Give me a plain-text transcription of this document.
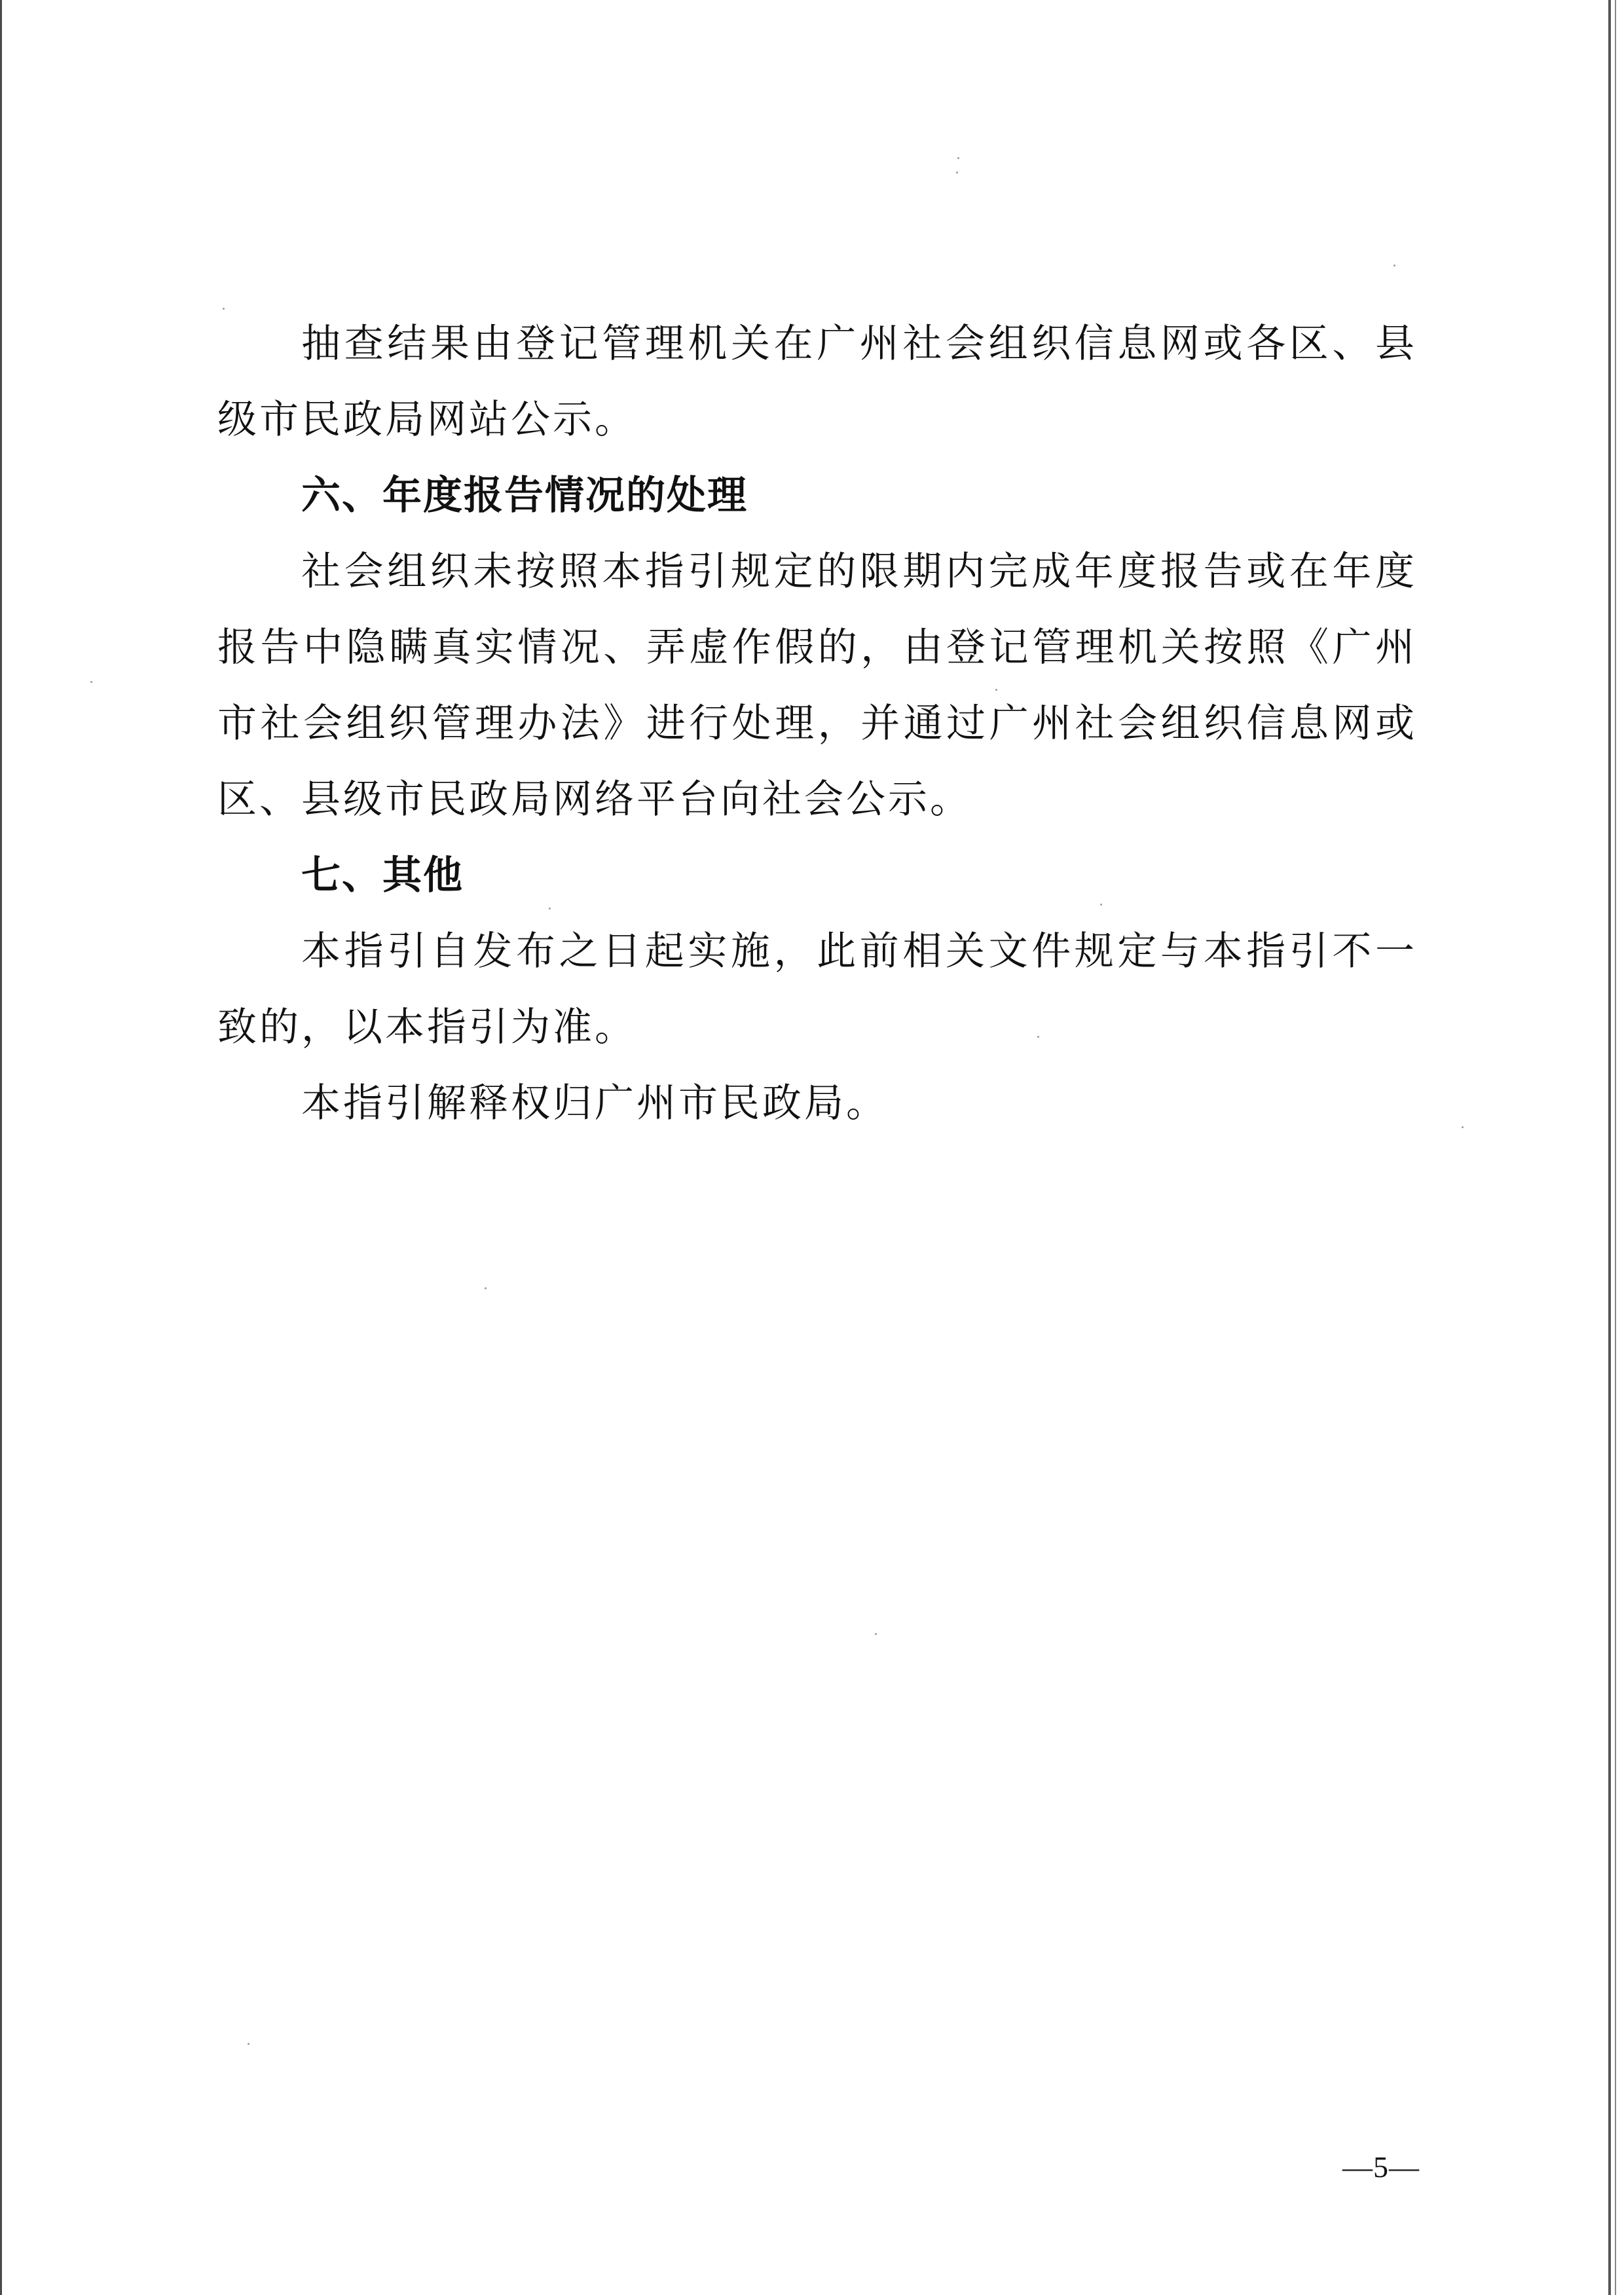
抽查结果由登记管理机关在广州社会组织信息网或各区、县级市民政局网站公示。

六、年度报告情况的处理

社会组织未按照本指引规定的限期内完成年度报告或在年度报告中隐瞒真实情况、弄虚作假的，由登记管理机关按照《广州市社会组织管理办法》进行处理，并通过广州社会组织信息网或区、县级市民政局网络平台向社会公示。

七、其他

本指引自发布之日起实施，此前相关文件规定与本指引不一致的，以本指引为准。

本指引解释权归广州市民政局。

—5—
